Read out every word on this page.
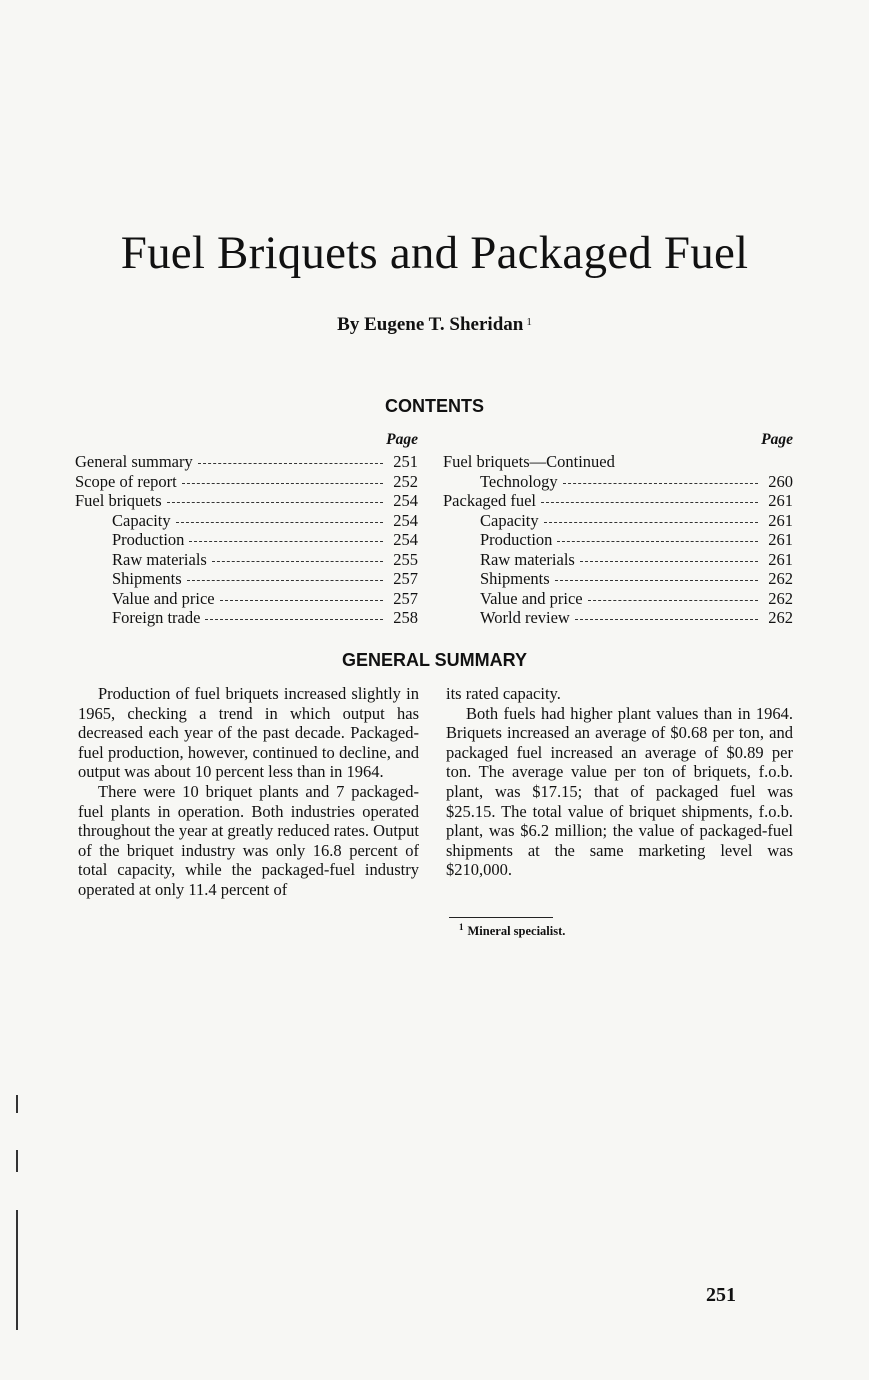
Fuel Briquets and Packaged Fuel
By Eugene T. Sheridan $^1$
CONTENTS
Page
General summary	251
Scope of report	252
Fuel briquets	254
Capacity	254
Production	254
Raw materials	255
Shipments	257
Value and price	257
Foreign trade	258
Page
Fuel briquets—Continued
Technology	260
Packaged fuel	261
Capacity	261
Production	261
Raw materials	261
Shipments	262
Value and price	262
World review	262
GENERAL SUMMARY

Production of fuel briquets increased slightly in 1965, checking a trend in which output has decreased each year of the past decade. Packaged-fuel production, however, continued to decline, and output was about 10 percent less than in 1964.

There were 10 briquet plants and 7 packaged-fuel plants in operation. Both industries operated throughout the year at greatly reduced rates. Output of the briquet industry was only 16.8 percent of total capacity, while the packaged-fuel industry operated at only 11.4 percent of

its rated capacity.

Both fuels had higher plant values than in 1964. Briquets increased an average of $0.68 per ton, and packaged fuel increased an average of $0.89 per ton. The average value per ton of briquets, f.o.b. plant, was $17.15; that of packaged fuel was $25.15. The total value of briquet shipments, f.o.b. plant, was $6.2 million; the value of packaged-fuel shipments at the same marketing level was $210,000.

$^1$ Mineral specialist.
251
